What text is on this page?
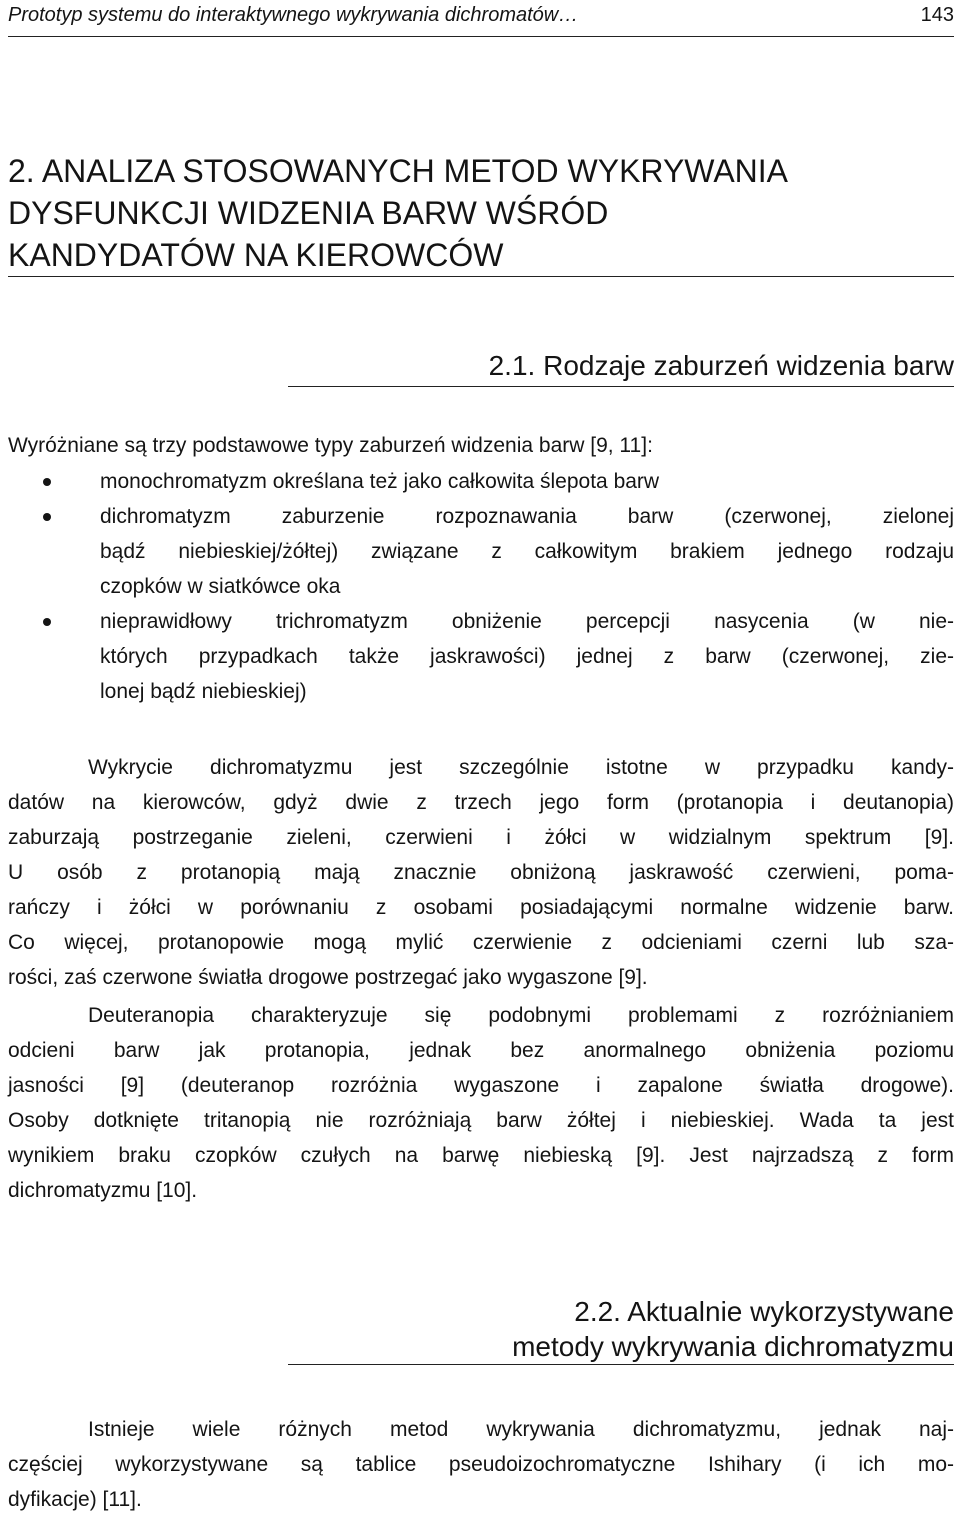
Prototyp systemu do interaktywnego wykrywania dichromatów…	143
2. ANALIZA STOSOWANYCH METOD WYKRYWANIA
DYSFUNKCJI WIDZENIA BARW WŚRÓD
KANDYDATÓW NA KIEROWCÓW
2.1. Rodzaje zaburzeń widzenia barw
Wyróżniane są trzy podstawowe typy zaburzeń widzenia barw [9, 11]:
monochromatyzm określana też jako całkowita ślepota barw
dichromatyzm zaburzenie rozpoznawania barw (czerwonej, zielonej
bądź niebieskiej/żółtej) związane z całkowitym brakiem jednego rodzaju
czopków w siatkówce oka
nieprawidłowy trichromatyzm obniżenie percepcji nasycenia (w nie-
których przypadkach także jaskrawości) jednej z barw (czerwonej, zie-
lonej bądź niebieskiej)
Wykrycie dichromatyzmu jest szczególnie istotne w przypadku kandy-
datów na kierowców, gdyż dwie z trzech jego form (protanopia i deutanopia)
zaburzają postrzeganie zieleni, czerwieni i żółci w widzialnym spektrum [9].
U osób z protanopią mają znacznie obniżoną jaskrawość czerwieni, poma-
rańczy i żółci w porównaniu z osobami posiadającymi normalne widzenie barw.
Co więcej, protanopowie mogą mylić czerwienie z odcieniami czerni lub sza-
rości, zaś czerwone światła drogowe postrzegać jako wygaszone [9].
Deuteranopia charakteryzuje się podobnymi problemami z rozróżnianiem
odcieni barw jak protanopia, jednak bez anormalnego obniżenia poziomu
jasności [9] (deuteranop rozróżnia wygaszone i zapalone światła drogowe).
Osoby dotknięte tritanopią nie rozróżniają barw żółtej i niebieskiej. Wada ta jest
wynikiem braku czopków czułych na barwę niebieską [9]. Jest najrzadszą z form
dichromatyzmu [10].
2.2. Aktualnie wykorzystywane
metody wykrywania dichromatyzmu
Istnieje wiele różnych metod wykrywania dichromatyzmu, jednak naj-
częściej wykorzystywane są tablice pseudoizochromatyczne Ishihary (i ich mo-
dyfikacje) [11].
